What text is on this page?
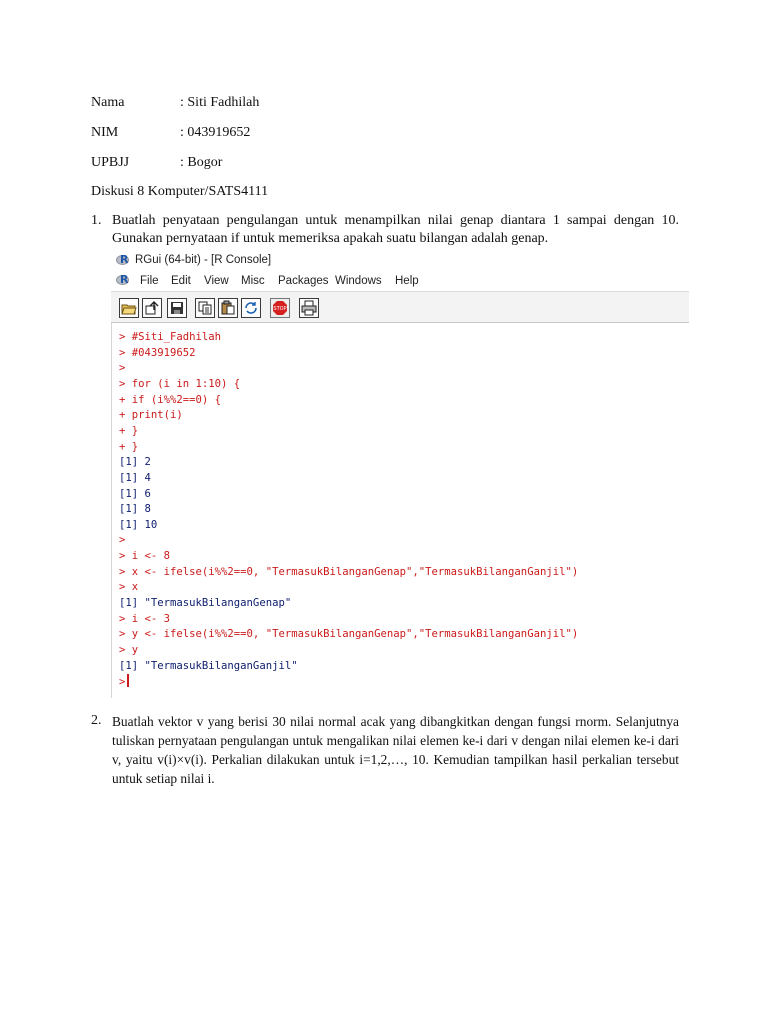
Nama	: Siti Fadhilah
NIM	: 043919652
UPBJJ	: Bogor
Diskusi 8 Komputer/SATS4111
1. Buatlah penyataan pengulangan untuk menampilkan nilai genap diantara 1 sampai dengan 10. Gunakan pernyataan if untuk memeriksa apakah suatu bilangan adalah genap.
R RGui (64-bit) - [R Console]
R File Edit View Misc Packages Windows Help
STOP
> #Siti_Fadhilah
> #043919652
>
> for (i in 1:10) {
+ if (i%%2==0) {
+ print(i)
+ }
+ }
[1] 2
[1] 4
[1] 6
[1] 8
[1] 10
>
> i <- 8
> x <- ifelse(i%%2==0, "TermasukBilanganGenap","TermasukBilanganGanjil")
> x
[1] "TermasukBilanganGenap"
> i <- 3
> y <- ifelse(i%%2==0, "TermasukBilanganGenap","TermasukBilanganGanjil")
> y
[1] "TermasukBilanganGanjil"
>
2. Buatlah vektor v yang berisi 30 nilai normal acak yang dibangkitkan dengan fungsi rnorm. Selanjutnya tuliskan pernyataan pengulangan untuk mengalikan nilai elemen ke-i dari v dengan nilai elemen ke-i dari v, yaitu v(i)×v(i). Perkalian dilakukan untuk i=1,2,…, 10. Kemudian tampilkan hasil perkalian tersebut untuk setiap nilai i.
